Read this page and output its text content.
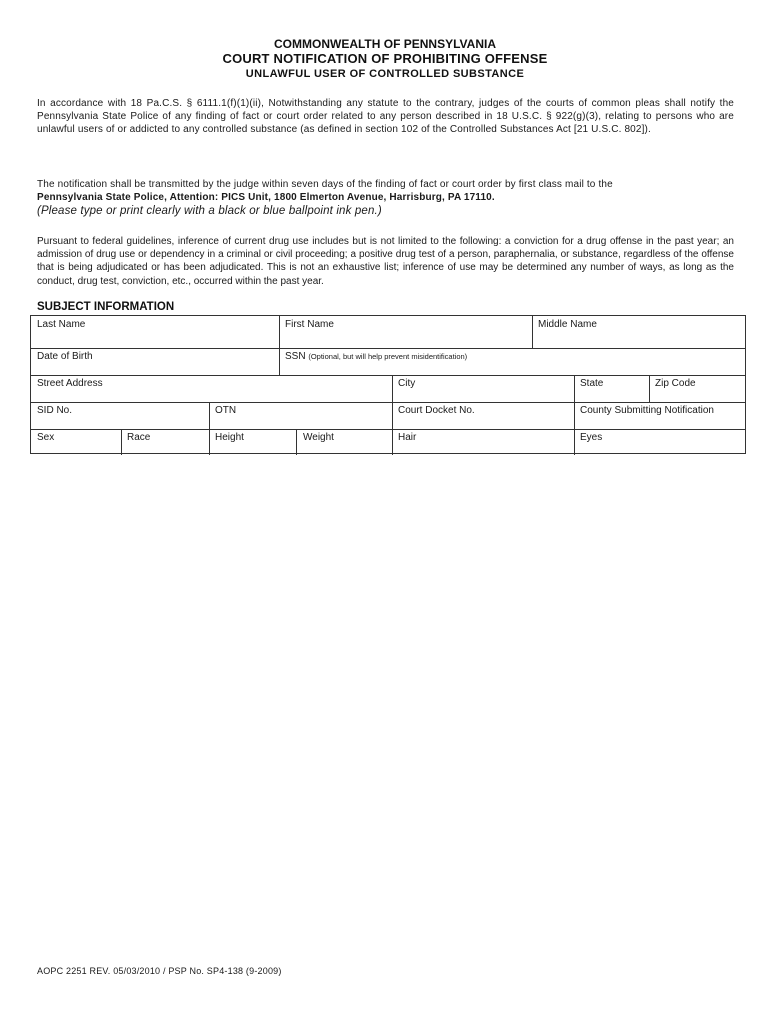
COMMONWEALTH OF PENNSYLVANIA
COURT NOTIFICATION OF PROHIBITING OFFENSE
UNLAWFUL USER OF CONTROLLED SUBSTANCE
In accordance with 18 Pa.C.S. § 6111.1(f)(1)(ii), Notwithstanding any statute to the contrary, judges of the courts of common pleas shall notify the Pennsylvania State Police of any finding of fact or court order related to any person described in 18 U.S.C. § 922(g)(3), relating to persons who are unlawful users of or addicted to any controlled substance (as defined in section 102 of the Controlled Substances Act [21 U.S.C. 802]).
The notification shall be transmitted by the judge within seven days of the finding of fact or court order by first class mail to the
Pennsylvania State Police, Attention: PICS Unit, 1800 Elmerton Avenue, Harrisburg, PA 17110.
(Please type or print clearly with a black or blue ballpoint ink pen.)
Pursuant to federal guidelines, inference of current drug use includes but is not limited to the following: a conviction for a drug offense in the past year; an admission of drug use or dependency in a criminal or civil proceeding; a positive drug test of a person, paraphernalia, or substance, regardless of the offense that is being adjudicated or has been adjudicated. This is not an exhaustive list; inference of use may be determined any number of ways, as long as the conduct, drug test, conviction, etc., occurred within the past year.
SUBJECT INFORMATION
Last Name	First Name	Middle Name
Date of Birth	SSN (Optional, but will help prevent misidentification)
Street Address	City	State	Zip Code
SID No.	OTN	Court Docket No.	County Submitting Notification
Sex	Race	Height	Weight	Hair	Eyes
AOPC 2251 REV. 05/03/2010 / PSP No. SP4-138 (9-2009)
